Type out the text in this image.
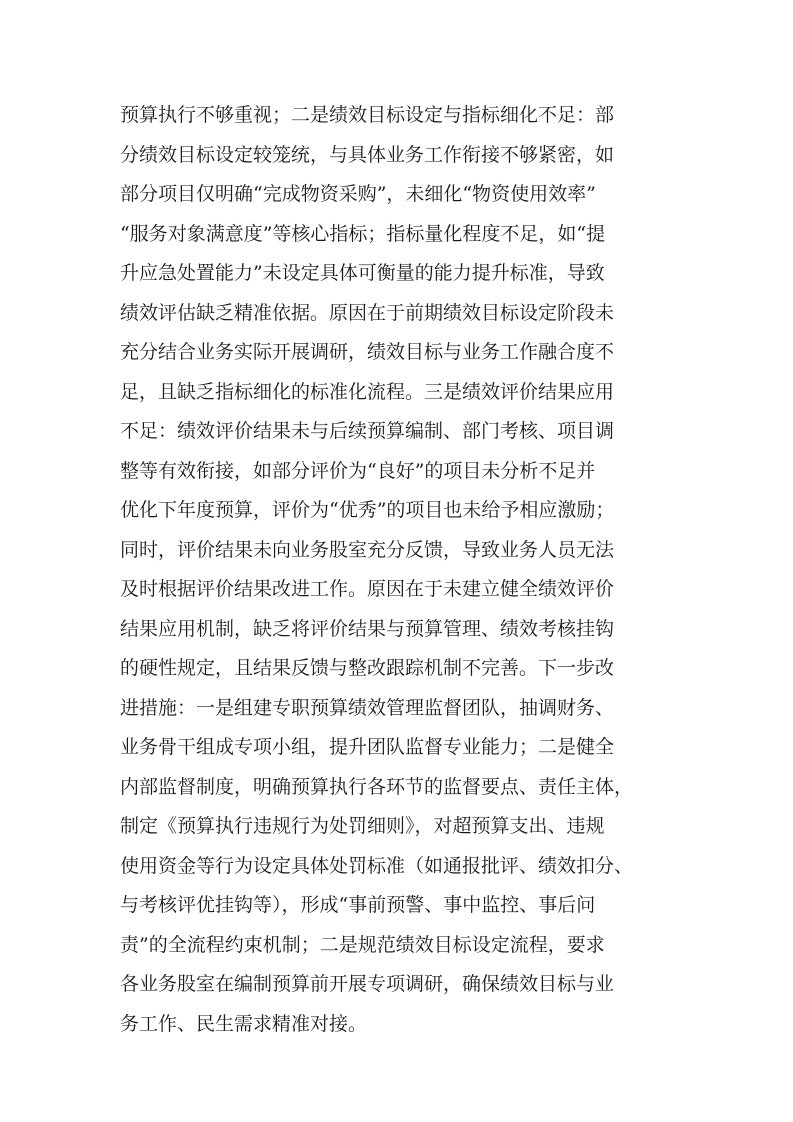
预算执行不够重视；二是绩效目标设定与指标细化不足：部
分绩效目标设定较笼统，与具体业务工作衔接不够紧密，如
部分项目仅明确“完成物资采购”，未细化“物资使用效率”
“服务对象满意度”等核心指标；指标量化程度不足，如“提
升应急处置能力”未设定具体可衡量的能力提升标准，导致
绩效评估缺乏精准依据。原因在于前期绩效目标设定阶段未
充分结合业务实际开展调研，绩效目标与业务工作融合度不
足，且缺乏指标细化的标准化流程。三是绩效评价结果应用
不足：绩效评价结果未与后续预算编制、部门考核、项目调
整等有效衔接，如部分评价为“良好”的项目未分析不足并
优化下年度预算，评价为“优秀”的项目也未给予相应激励；
同时，评价结果未向业务股室充分反馈，导致业务人员无法
及时根据评价结果改进工作。原因在于未建立健全绩效评价
结果应用机制，缺乏将评价结果与预算管理、绩效考核挂钩
的硬性规定，且结果反馈与整改跟踪机制不完善。下一步改
进措施：一是组建专职预算绩效管理监督团队，抽调财务、
业务骨干组成专项小组，提升团队监督专业能力；二是健全
内部监督制度，明确预算执行各环节的监督要点、责任主体，
制定《预算执行违规行为处罚细则》，对超预算支出、违规
使用资金等行为设定具体处罚标准（如通报批评、绩效扣分、
与考核评优挂钩等），形成“事前预警、事中监控、事后问
责”的全流程约束机制；二是规范绩效目标设定流程，要求
各业务股室在编制预算前开展专项调研，确保绩效目标与业
务工作、民生需求精准对接。
